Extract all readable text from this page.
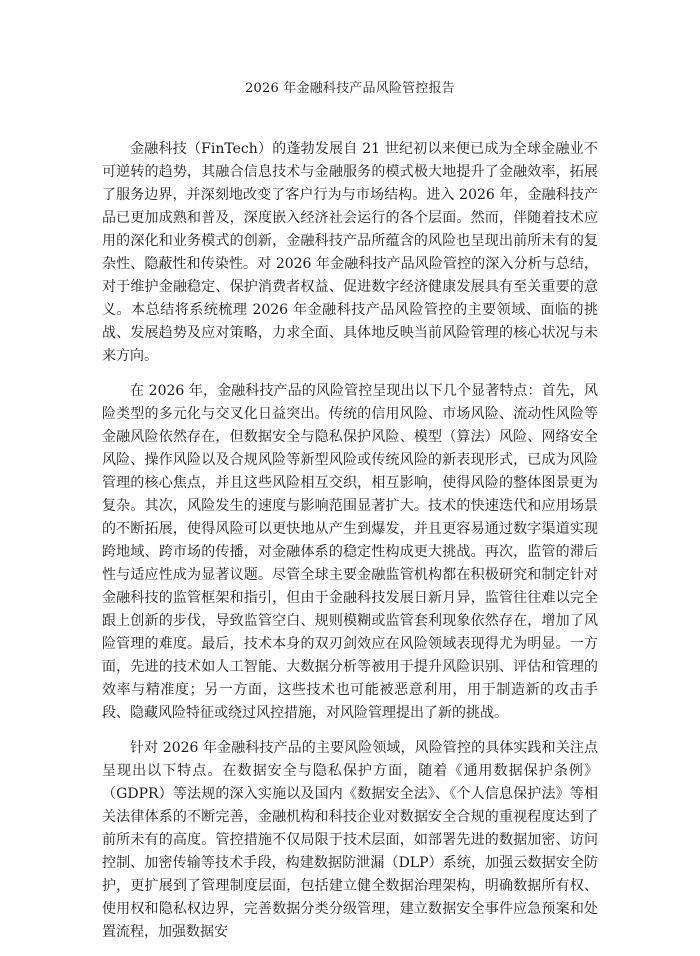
2026 年金融科技产品风险管控报告

金融科技（FinTech）的蓬勃发展自 21 世纪初以来便已成为全球金融业不可逆转的趋势，其融合信息技术与金融服务的模式极大地提升了金融效率，拓展了服务边界，并深刻地改变了客户行为与市场结构。进入 2026 年，金融科技产品已更加成熟和普及，深度嵌入经济社会运行的各个层面。然而，伴随着技术应用的深化和业务模式的创新，金融科技产品所蕴含的风险也呈现出前所未有的复杂性、隐蔽性和传染性。对 2026 年金融科技产品风险管控的深入分析与总结，对于维护金融稳定、保护消费者权益、促进数字经济健康发展具有至关重要的意义。本总结将系统梳理 2026 年金融科技产品风险管控的主要领域、面临的挑战、发展趋势及应对策略，力求全面、具体地反映当前风险管理的核心状况与未来方向。

在 2026 年，金融科技产品的风险管控呈现出以下几个显著特点：首先，风险类型的多元化与交叉化日益突出。传统的信用风险、市场风险、流动性风险等金融风险依然存在，但数据安全与隐私保护风险、模型（算法）风险、网络安全风险、操作风险以及合规风险等新型风险或传统风险的新表现形式，已成为风险管理的核心焦点，并且这些风险相互交织，相互影响，使得风险的整体图景更为复杂。其次，风险发生的速度与影响范围显著扩大。技术的快速迭代和应用场景的不断拓展，使得风险可以更快地从产生到爆发，并且更容易通过数字渠道实现跨地域、跨市场的传播，对金融体系的稳定性构成更大挑战。再次，监管的滞后性与适应性成为显著议题。尽管全球主要金融监管机构都在积极研究和制定针对金融科技的监管框架和指引，但由于金融科技发展日新月异，监管往往难以完全跟上创新的步伐，导致监管空白、规则模糊或监管套利现象依然存在，增加了风险管理的难度。最后，技术本身的双刃剑效应在风险领域表现得尤为明显。一方面，先进的技术如人工智能、大数据分析等被用于提升风险识别、评估和管理的效率与精准度；另一方面，这些技术也可能被恶意利用，用于制造新的攻击手段、隐藏风险特征或绕过风控措施，对风险管理提出了新的挑战。

针对 2026 年金融科技产品的主要风险领域，风险管控的具体实践和关注点呈现出以下特点。在数据安全与隐私保护方面，随着《通用数据保护条例》（GDPR）等法规的深入实施以及国内《数据安全法》、《个人信息保护法》等相关法律体系的不断完善，金融机构和科技企业对数据安全合规的重视程度达到了前所未有的高度。管控措施不仅局限于技术层面，如部署先进的数据加密、访问控制、加密传输等技术手段，构建数据防泄漏（DLP）系统，加强云数据安全防护，更扩展到了管理制度层面，包括建立健全数据治理架构，明确数据所有权、使用权和隐私权边界，完善数据分类分级管理，建立数据安全事件应急预案和处置流程，加强数据安
